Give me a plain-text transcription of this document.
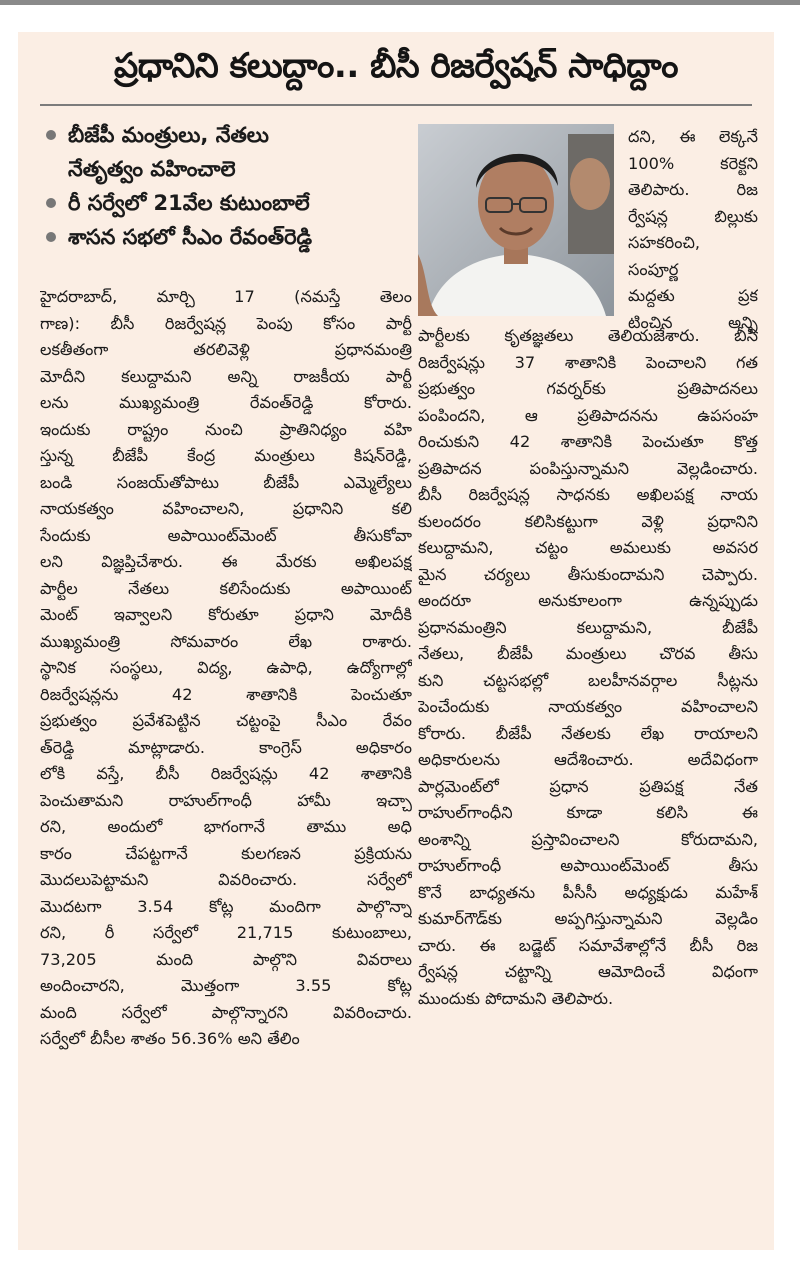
ప్రధానిని కలుద్దాం.. బీసీ రిజర్వేషన్ సాధిద్దాం
బీజేపీ మంత్రులు, నేతలు నేతృత్వం వహించాలె
రీ సర్వేలో 21వేల కుటుంబాలే
శాసన సభలో సీఎం రేవంత్‌రెడ్డి
దని, ఈ లెక్కనే
100% కరెక్టని
తెలిపారు. రిజ
ర్వేషన్ల బిల్లుకు
సహకరించి,
సంపూర్ణ
మద్దతు ప్రక
టించిన అన్ని
హైదరాబాద్, మార్చి 17 (నమస్తే తెలం
గాణ): బీసీ రిజర్వేషన్ల పెంపు కోసం పార్టీ
లకతీతంగా తరలివెళ్లి ప్రధానమంత్రి
మోదీని కలుద్దామని అన్ని రాజకీయ పార్టీ
లను ముఖ్యమంత్రి రేవంత్‌రెడ్డి కోరారు.
ఇందుకు రాష్ట్రం నుంచి ప్రాతినిధ్యం వహి
స్తున్న బీజేపీ కేంద్ర మంత్రులు కిషన్‌రెడ్డి,
బండి సంజయ్‌తోపాటు బీజేపీ ఎమ్మెల్యేలు
నాయకత్వం వహించాలని, ప్రధానిని కలి
సేందుకు అపాయింట్‌మెంట్ తీసుకోవా
లని విజ్ఞప్తిచేశారు. ఈ మేరకు అఖిలపక్ష
పార్టీల నేతలు కలిసేందుకు అపాయింట్
మెంట్ ఇవ్వాలని కోరుతూ ప్రధాని మోదీకి
ముఖ్యమంత్రి సోమవారం లేఖ రాశారు.
స్థానిక సంస్థలు, విద్య, ఉపాధి, ఉద్యోగాల్లో
రిజర్వేషన్లను 42 శాతానికి పెంచుతూ
ప్రభుత్వం ప్రవేశపెట్టిన చట్టంపై సీఎం రేవం
త్‌రెడ్డి మాట్లాడారు. కాంగ్రెస్ అధికారం
లోకి వస్తే, బీసీ రిజర్వేషన్లు 42 శాతానికి
పెంచుతామని రాహుల్‌గాంధీ హామీ ఇచ్చా
రని, అందులో భాగంగానే తాము అధి
కారం చేపట్టగానే కులగణన ప్రక్రియను
మొదలుపెట్టామని వివరించారు. సర్వేలో
మొదటగా 3.54 కోట్ల మందిగా పాల్గొన్నా
రని, రీ సర్వేలో 21,715 కుటుంబాలు,
73,205 మంది పాల్గొని వివరాలు
అందించారని, మొత్తంగా 3.55 కోట్ల
మంది సర్వేలో పాల్గొన్నారని వివరించారు.
సర్వేలో బీసీల శాతం 56.36% అని తేలిం
పార్టీలకు కృతజ్ఞతలు తెలియజేశారు. బీసీ
రిజర్వేషన్లు 37 శాతానికి పెంచాలని గత
ప్రభుత్వం గవర్నర్‌కు ప్రతిపాదనలు
పంపిందని, ఆ ప్రతిపాదనను ఉపసంహ
రించుకుని 42 శాతానికి పెంచుతూ కొత్త
ప్రతిపాదన పంపిస్తున్నామని వెల్లడించారు.
బీసీ రిజర్వేషన్ల సాధనకు అఖిలపక్ష నాయ
కులందరం కలిసికట్టుగా వెళ్లి ప్రధానిని
కలుద్దామని, చట్టం అమలుకు అవసర
మైన చర్యలు తీసుకుందామని చెప్పారు.
అందరూ అనుకూలంగా ఉన్నప్పుడు
ప్రధానమంత్రిని కలుద్దామని, బీజేపీ
నేతలు, బీజేపీ మంత్రులు చొరవ తీసు
కుని చట్టసభల్లో బలహీనవర్గాల సీట్లను
పెంచేందుకు నాయకత్వం వహించాలని
కోరారు. బీజేపీ నేతలకు లేఖ రాయాలని
అధికారులను ఆదేశించారు. అదేవిధంగా
పార్లమెంట్‌లో ప్రధాన ప్రతిపక్ష నేత
రాహుల్‌గాంధీని కూడా కలిసి ఈ
అంశాన్ని ప్రస్తావించాలని కోరుదామని,
రాహుల్‌గాంధీ అపాయింట్‌మెంట్ తీసు
కొనే బాధ్యతను పీసీసీ అధ్యక్షుడు మహేశ్
కుమార్‌గౌడ్‌కు అప్పగిస్తున్నామని వెల్లడిం
చారు. ఈ బడ్జెట్ సమావేశాల్లోనే బీసీ రిజ
ర్వేషన్ల చట్టాన్ని ఆమోదించే విధంగా
ముందుకు పోదామని తెలిపారు.
